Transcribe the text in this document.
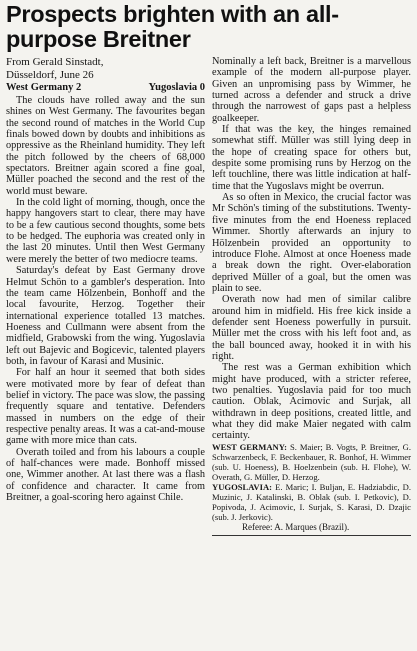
Prospects brighten with an all-purpose Breitner

From Gerald Sinstadt,

Düsseldorf, June 26

West Germany 2	Yugoslavia 0

The clouds have rolled away and the sun shines on West Germany. The favourites began the second round of matches in the World Cup finals bowed down by doubts and inhibitions as oppressive as the Rheinland humidity. They left the pitch followed by the cheers of 68,000 spectators. Breitner again scored a fine goal, Müller poached the second and the rest of the world must beware.

In the cold light of morning, though, once the happy hangovers start to clear, there may have to be a few cautious second thoughts, some bets to be hedged. The euphoria was created only in the last 20 minutes. Until then West Germany were merely the better of two mediocre teams.

Saturday's defeat by East Germany drove Helmut Schön to a gambler's desperation. Into the team came Hölzenbein, Bonhoff and the local favourite, Herzog. Together their international experience totalled 13 matches. Hoeness and Cullmann were absent from the midfield, Grabowski from the wing. Yugoslavia left out Bajevic and Bogicevic, talented players both, in favour of Karasi and Musinic.

For half an hour it seemed that both sides were motivated more by fear of defeat than belief in victory. The pace was slow, the passing frequently square and tentative. Defenders massed in numbers on the edge of their respective penalty areas. It was a cat-and-mouse game with more mice than cats.

Overath toiled and from his labours a couple of half-chances were made. Bonhoff missed one, Wimmer another. At last there was a flash of confidence and character. It came from Breitner, a goal-scoring hero against Chile.

Nominally a left back, Breitner is a marvellous example of the modern all-purpose player. Given an unpromising pass by Wimmer, he turned across a defender and struck a drive through the narrowest of gaps past a helpless goalkeeper.

If that was the key, the hinges remained somewhat stiff. Müller was still lying deep in the hope of creating space for others but, despite some promising runs by Herzog on the left touchline, there was little indication at half-time that the Yugoslavs might be overrun.

As so often in Mexico, the crucial factor was Mr Schön's timing of the substitutions. Twenty-five minutes from the end Hoeness replaced Wimmer. Shortly afterwards an injury to Hölzenbein provided an opportunity to introduce Flohe. Almost at once Hoeness made a break down the right. Over-elaboration deprived Müller of a goal, but the omen was plain to see.

Overath now had men of similar calibre around him in midfield. His free kick inside a defender sent Hoeness powerfully in pursuit. Müller met the cross with his left foot and, as the ball bounced away, hooked it in with his right.

The rest was a German exhibition which might have produced, with a stricter referee, two penalties. Yugoslavia paid for too much caution. Oblak, Acimovic and Surjak, all withdrawn in deep positions, created little, and what they did make Maier negated with calm certainty.

WEST GERMANY: S. Maier; B. Vogts, P. Breitner, G. Schwarzenbeck, F. Beckenbauer, R. Bonhof, H. Wimmer (sub. U. Hoeness), B. Hoelzenbein (sub. H. Flohe), W. Overath, G. Müller, D. Herzog.

YUGOSLAVIA: E. Maric; I. Buljan, E. Hadziabdic, D. Muzinic, J. Katalinski, B. Oblak (sub. I. Petkovic), D. Popivoda, J. Acimovic, I. Surjak, S. Karasi, D. Dzajic (sub. J. Jerkovic).

Referee: A. Marques (Brazil).
